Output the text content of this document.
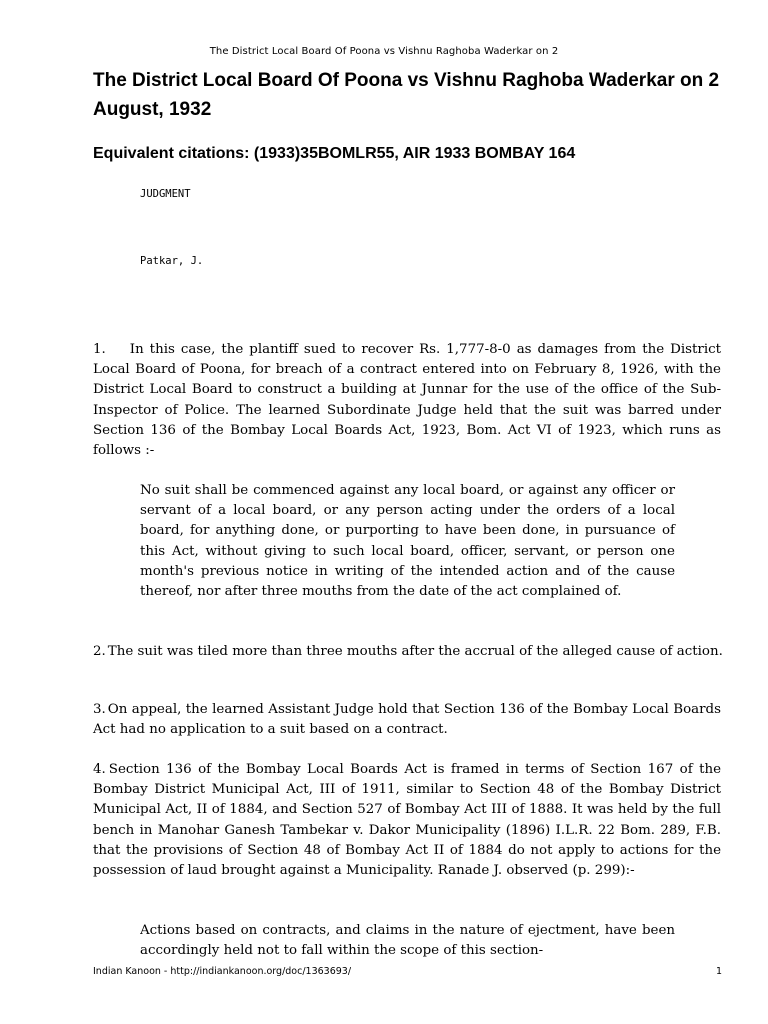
The District Local Board Of Poona vs Vishnu Raghoba Waderkar on 2
The District Local Board Of Poona vs Vishnu Raghoba Waderkar on 2 August, 1932
Equivalent citations: (1933)35BOMLR55, AIR 1933 BOMBAY 164
JUDGMENT
Patkar, J.
1. In this case, the plantiff sued to recover Rs. 1,777-8-0 as damages from the District Local Board of Poona, for breach of a contract entered into on February 8, 1926, with the District Local Board to construct a building at Junnar for the use of the office of the Sub-Inspector of Police. The learned Subordinate Judge held that the suit was barred under Section 136 of the Bombay Local Boards Act, 1923, Bom. Act VI of 1923, which runs as follows :-
No suit shall be commenced against any local board, or against any officer or servant of a local board, or any person acting under the orders of a local board, for anything done, or purporting to have been done, in pursuance of this Act, without giving to such local board, officer, servant, or person one month's previous notice in writing of the intended action and of the cause thereof, nor after three mouths from the date of the act complained of.
2. The suit was tiled more than three mouths after the accrual of the alleged cause of action.
3. On appeal, the learned Assistant Judge hold that Section 136 of the Bombay Local Boards Act had no application to a suit based on a contract.
4. Section 136 of the Bombay Local Boards Act is framed in terms of Section 167 of the Bombay District Municipal Act, III of 1911, similar to Section 48 of the Bombay District Municipal Act, II of 1884, and Section 527 of Bombay Act III of 1888. It was held by the full bench in Manohar Ganesh Tambekar v. Dakor Municipality (1896) I.L.R. 22 Bom. 289, F.B. that the provisions of Section 48 of Bombay Act II of 1884 do not apply to actions for the possession of laud brought against a Municipality. Ranade J. observed (p. 299):-
Actions based on contracts, and claims in the nature of ejectment, have been accordingly held not to fall within the scope of this section-
Indian Kanoon - http://indiankanoon.org/doc/1363693/	1
